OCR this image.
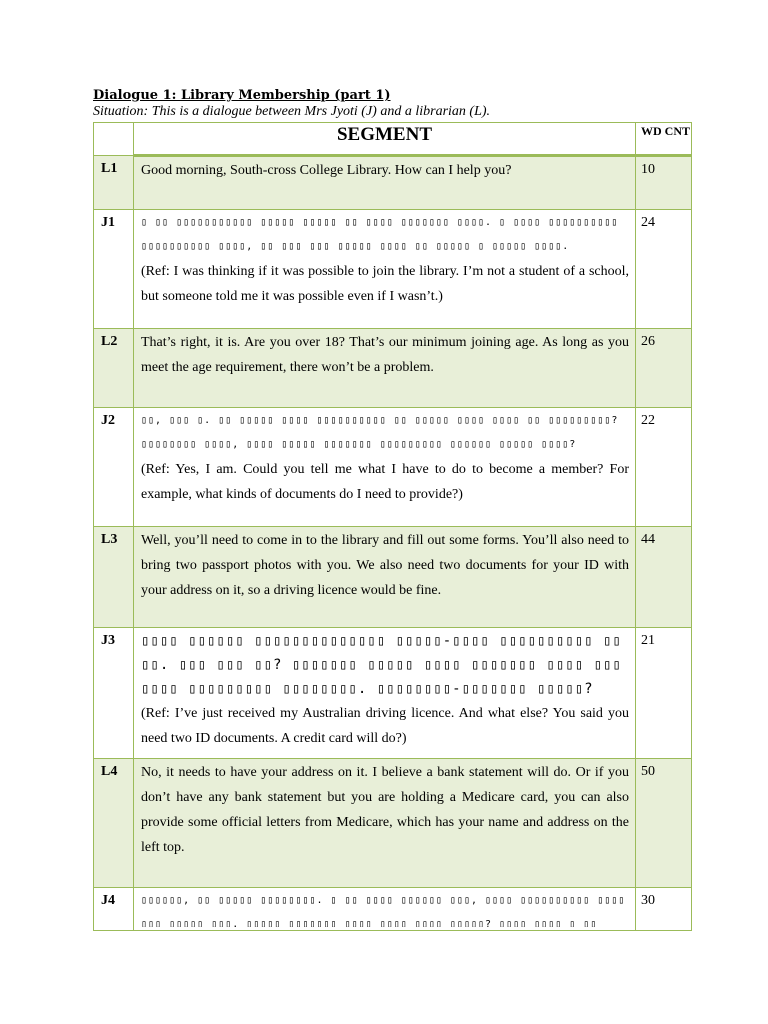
Dialogue 1: Library Membership (part 1)
Situation: This is a dialogue between Mrs Jyoti (J) and a librarian (L).
	SEGMENT	WD CNT
L1	Good morning, South-cross College Library. How can I help you?	10
J1	▯ ▯▯ ▯▯▯▯▯▯▯▯▯▯▯ ▯▯▯▯▯ ▯▯▯▯▯ ▯▯ ▯▯▯▯ ▯▯▯▯▯▯▯ ▯▯▯▯. ▯ ▯▯▯▯ ▯▯▯▯▯▯▯▯▯▯ ▯▯▯▯▯▯▯▯▯▯ ▯▯▯▯, ▯▯ ▯▯▯ ▯▯▯ ▯▯▯▯▯ ▯▯▯▯ ▯▯ ▯▯▯▯▯ ▯ ▯▯▯▯▯ ▯▯▯▯.
(Ref: I was thinking if it was possible to join the library. I’m not a student of a school, but someone told me it was possible even if I wasn’t.)	24
L2	That’s right, it is. Are you over 18? That’s our minimum joining age. As long as you meet the age requirement, there won’t be a problem.	26
J2	▯▯, ▯▯▯ ▯. ▯▯ ▯▯▯▯▯ ▯▯▯▯ ▯▯▯▯▯▯▯▯▯▯ ▯▯ ▯▯▯▯▯ ▯▯▯▯ ▯▯▯▯ ▯▯ ▯▯▯▯▯▯▯▯▯? ▯▯▯▯▯▯▯▯ ▯▯▯▯, ▯▯▯▯ ▯▯▯▯▯ ▯▯▯▯▯▯▯ ▯▯▯▯▯▯▯▯▯ ▯▯▯▯▯▯ ▯▯▯▯▯ ▯▯▯▯?
(Ref: Yes, I am. Could you tell me what I have to do to become a member? For example, what kinds of documents do I need to provide?)	22
L3	Well, you’ll need to come in to the library and fill out some forms. You’ll also need to bring two passport photos with you. We also need two documents for your ID with your address on it, so a driving licence would be fine.	44
J3	▯▯▯▯ ▯▯▯▯▯▯ ▯▯▯▯▯▯▯▯▯▯▯▯▯▯ ▯▯▯▯▯-▯▯▯▯ ▯▯▯▯▯▯▯▯▯▯ ▯▯▯▯. ▯▯▯ ▯▯▯ ▯▯? ▯▯▯▯▯▯▯ ▯▯▯▯▯ ▯▯▯▯ ▯▯▯▯▯▯▯ ▯▯▯▯ ▯▯▯▯▯▯▯ ▯▯▯▯▯▯▯▯▯ ▯▯▯▯▯▯▯▯. ▯▯▯▯▯▯▯▯-▯▯▯▯▯▯▯ ▯▯▯▯▯?
(Ref: I’ve just received my Australian driving licence. And what else? You said you need two ID documents. A credit card will do?)	21
L4	No, it needs to have your address on it. I believe a bank statement will do. Or if you don’t have any bank statement but you are holding a Medicare card, you can also provide some official letters from Medicare, which has your name and address on the left top.	50
J4	▯▯▯▯▯▯, ▯▯ ▯▯▯▯▯ ▯▯▯▯▯▯▯▯. ▯ ▯▯ ▯▯▯▯ ▯▯▯▯▯▯ ▯▯▯, ▯▯▯▯ ▯▯▯▯▯▯▯▯▯▯ ▯▯▯▯ ▯▯▯ ▯▯▯▯▯ ▯▯▯. ▯▯▯▯▯ ▯▯▯▯▯▯▯ ▯▯▯▯ ▯▯▯▯ ▯▯▯▯ ▯▯▯▯▯? ▯▯▯▯ ▯▯▯▯ ▯ ▯▯	30
